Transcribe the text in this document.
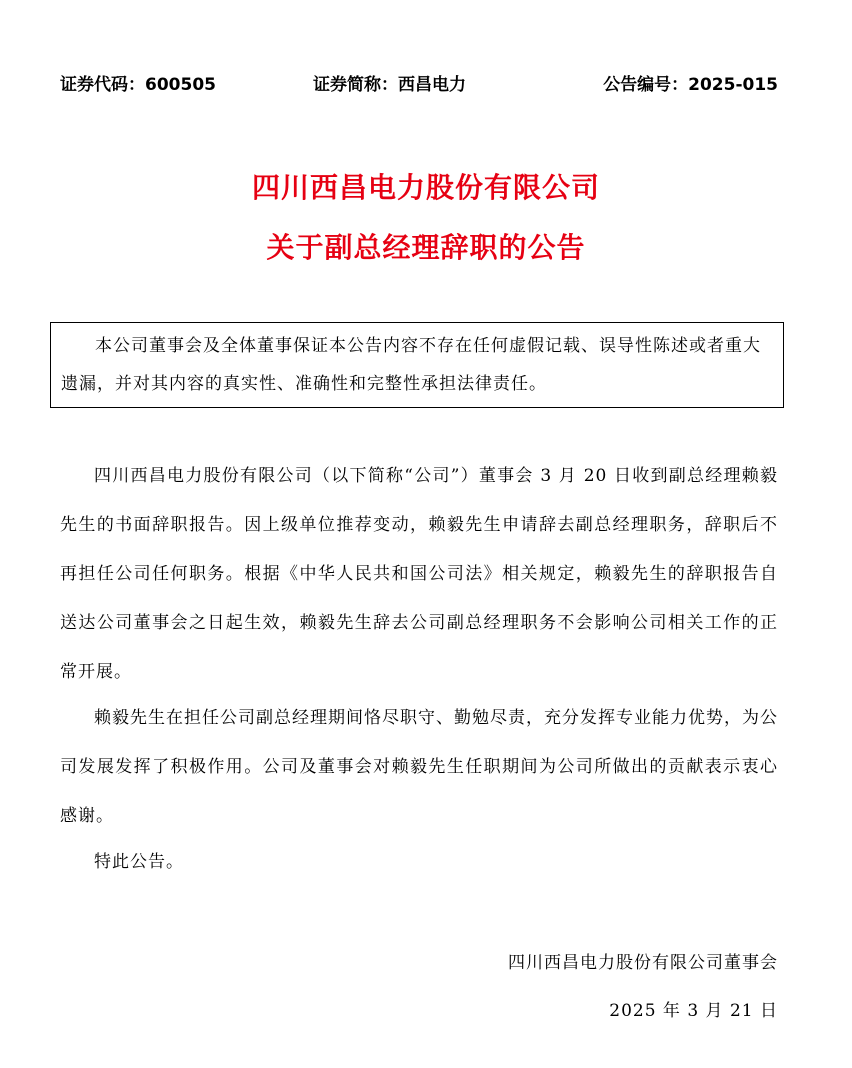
证券代码：600505	证券简称：西昌电力	公告编号：2025-015
四川西昌电力股份有限公司
关于副总经理辞职的公告
本公司董事会及全体董事保证本公告内容不存在任何虚假记载、误导性陈述或者重大遗漏，并对其内容的真实性、准确性和完整性承担法律责任。

四川西昌电力股份有限公司（以下简称“公司”）董事会 3 月 20 日收到副总经理赖毅先生的书面辞职报告。因上级单位推荐变动，赖毅先生申请辞去副总经理职务，辞职后不再担任公司任何职务。根据《中华人民共和国公司法》相关规定，赖毅先生的辞职报告自送达公司董事会之日起生效，赖毅先生辞去公司副总经理职务不会影响公司相关工作的正常开展。

赖毅先生在担任公司副总经理期间恪尽职守、勤勉尽责，充分发挥专业能力优势，为公司发展发挥了积极作用。公司及董事会对赖毅先生任职期间为公司所做出的贡献表示衷心感谢。

特此公告。

四川西昌电力股份有限公司董事会
2025 年 3 月 21 日
